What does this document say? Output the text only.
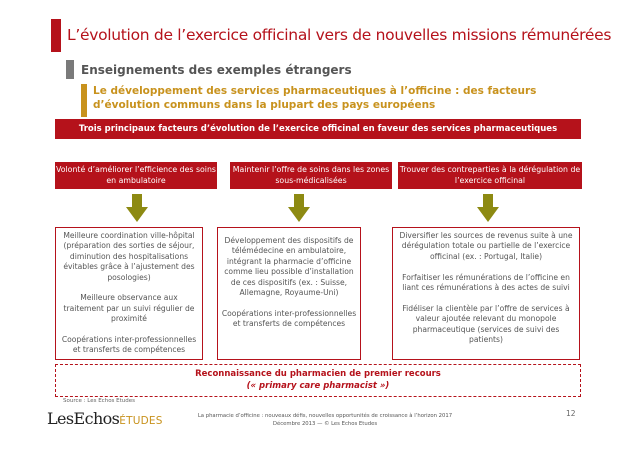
L’évolution de l’exercice officinal vers de nouvelles missions rémunérées
Enseignements des exemples étrangers
Le développement des services pharmaceutiques à l’officine : des facteurs d’évolution communs dans la plupart des pays européens
Trois principaux facteurs d’évolution de l’exercice officinal en faveur des services pharmaceutiques
Volonté d’améliorer l’efficience des soins en ambulatoire
Maintenir l’offre de soins dans les zones sous-médicalisées
Trouver des contreparties à la dérégulation de l’exercice officinal
Meilleure coordination ville-hôpital (préparation des sorties de séjour, diminution des hospitalisations évitables grâce à l’ajustement des posologies)

Meilleure observance aux traitement par un suivi régulier de proximité

Coopérations inter-professionnelles et transferts de compétences
Développement des dispositifs de télémédecine en ambulatoire, intégrant la pharmacie d’officine comme lieu possible d’installation de ces dispositifs (ex. : Suisse, Allemagne, Royaume-Uni)

Coopérations inter-professionnelles et transferts de compétences
Diversifier les sources de revenus suite à une dérégulation totale ou partielle de l’exercice officinal (ex. : Portugal, Italie)

Forfaitiser les rémunérations de l’officine en liant ces rémunérations à des actes de suivi

Fidéliser la clientèle par l’offre de services à valeur ajoutée relevant du monopole pharmaceutique (services de suivi des patients)
Reconnaissance du pharmacien de premier recours
(« primary care pharmacist »)
Source : Les Echos Etudes
LesEchosÉTUDES	La pharmacie d’officine : nouveaux défis, nouvelles opportunités de croissance à l’horizon 2017
Décembre 2013 — © Les Echos Etudes
12
